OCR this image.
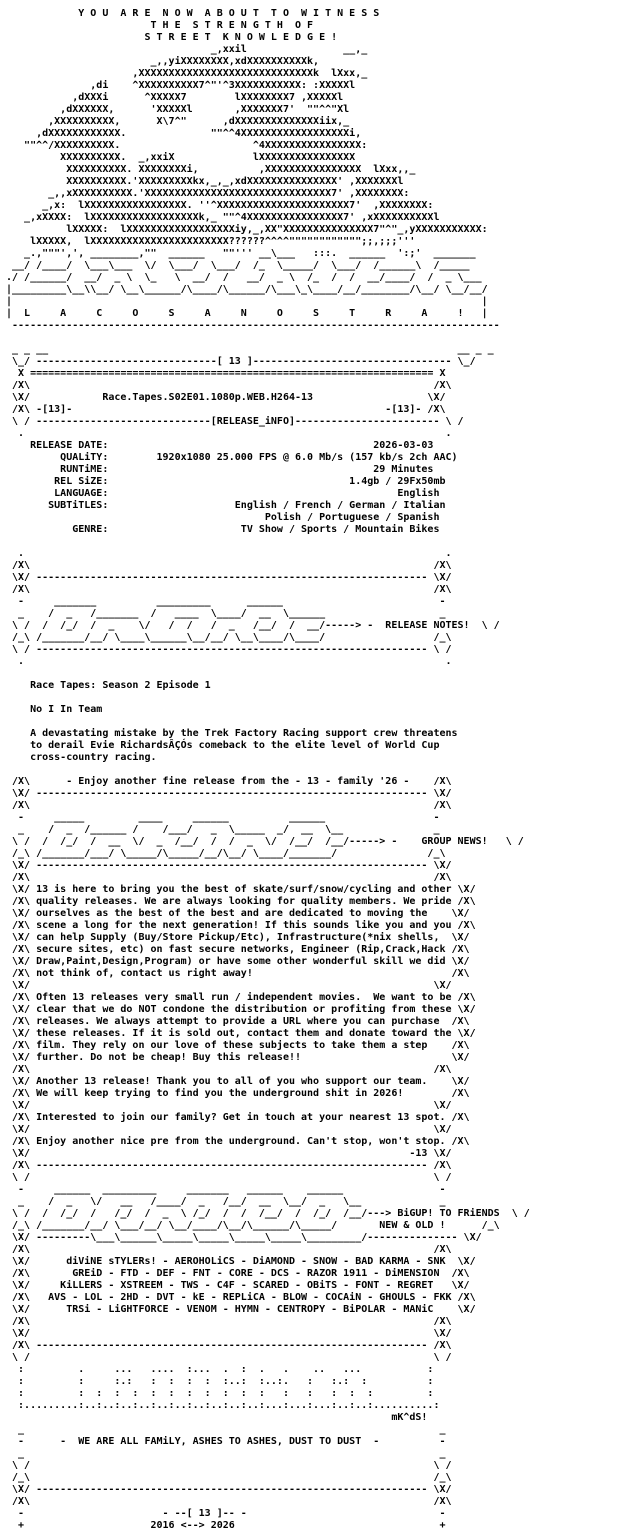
Y O U  A R E  N O W  A B O U T  T O  W I T N E S S
T H E  S T R E N G T H  O F
S T R E E T  K N O W L E D G E !
_,xxil                __,_
_,,yiXXXXXXXX,xdXXXXXXXXXXk,
,XXXXXXXXXXXXXXXXXXXXXXXXXXXXXk  lXxx,_
,di    ^XXXXXXXXXX7^"'^3XXXXXXXXXXX: :XXXXXl
,dXXXi      ^XXXXX7        lXXXXXXXX7 ,XXXXXl
,dXXXXXX,      'XXXXXl       ,XXXXXXX7'  ""^^"Xl
,XXXXXXXXXX,      X\7^"      ,dXXXXXXXXXXXXXXiix,_
,dXXXXXXXXXXXX.              ""^^4XXXXXXXXXXXXXXXXXXi,
""^^/XXXXXXXXXX.                      ^4XXXXXXXXXXXXXXXX:
XXXXXXXXXX.  _,xxiX             lXXXXXXXXXXXXXXXX
XXXXXXXXXX. XXXXXXXXi,          ,XXXXXXXXXXXXXXXX  lXxx,,_
XXXXXXXXXX.'XXXXXXXXXkx,_,_,xdXXXXXXXXXXXXXXX' ,XXXXXXXl
_,,xXXXXXXXXXX.'XXXXXXXXXXXXXXXXXXXXXXXXXXXXXXX7' ,XXXXXXXX:
_,x:  lXXXXXXXXXXXXXXXXX. ''^XXXXXXXXXXXXXXXXXXXXXX7'  ,XXXXXXXX:
_,xXXXX:  lXXXXXXXXXXXXXXXXXXk,_ ""^4XXXXXXXXXXXXXXXX7' ,xXXXXXXXXXXl
lXXXXX:  lXXXXXXXXXXXXXXXXXXiy,_,XX"XXXXXXXXXXXXXXX7"^"_,yXXXXXXXXXXX:
lXXXXX,  lXXXXXXXXXXXXXXXXXXXXXXX??????^^^^"""""""""""";;,;;;'''
_.,"""',', ________,""  ______   ""''' __\___   :::.  ______  ':;'  _______
__/ /____/  \___\___  \/  \___/  \___/  /_  \_____/  \___/  /______\  /_____
./ /______/  __/  _ \  \_   \  __/  /   __/  _ \  /_  /  /  __/____/  /  _ \___
|_________\__\\__/ \__\______/\____/\______/\___\_\____/__/________/\__/ \__/__/
|                                                                              |
|  L     A     C     O     S     A     N     O     S     T     R     A     !   |
---------------------------------------------------------------------------------

_ _ __                                                                    __ _ _
\_/ ------------------------------[ 13 ]--------------------------------- \_/
X =================================================================== X
/X\                                                                   /X\
\X/            Race.Tapes.S02E01.1080p.WEB.H264-13                   \X/
/X\ -[13]-                                                    -[13]- /X\
\ / -----------------------------[RELEASE_iNFO]------------------------ \ /
.                                                                      .
RELEASE DATE:                                            2026-03-03
QUALiTY:        1920x1080 25.000 FPS @ 6.0 Mb/s (157 kb/s 2ch AAC)
RUNTiME:                                            29 Minutes
REL SiZE:                                        1.4gb / 29Fx50mb
LANGUAGE:                                                English
SUBTiTLES:                     English / French / German / Italian
Polish / Portuguese / Spanish
GENRE:                      TV Show / Sports / Mountain Bikes

.                                                                      .
/X\                                                                   /X\
\X/ ----------------------------------------------------------------- \X/
/X\                                                                   /X\
-     _______          _________      ______                          -
_    /  _   /_______  /   ____  \____/  __  \______                   _
\ /  /  /_/  /  _    \/   /  /   /  _   /__/  /  __/-----> -  RELEASE NOTES!  \ /
/_\ /_______/__/ \____\______\__/__/ \__\____/\____/                  /_\
\ / ----------------------------------------------------------------- \ /
.                                                                      .

Race Tapes: Season 2 Episode 1

No I In Team

A devastating mistake by the Trek Factory Racing support crew threatens
to derail Evie RichardsÂÇÓs comeback to the elite level of World Cup
cross-country racing.

/X\      - Enjoy another fine release from the - 13 - family '26 -    /X\
\X/ ----------------------------------------------------------------- \X/
/X\                                                                   /X\
-     _____         ____     ______          ______                  -
_    /  _  /______ /    /___/   _  \_____  _/  __  \__               _
\ /  /  /_/  /  __  \/  _  /__/  /  /  _  \/  /__/  /__/-----> -    GROUP NEWS!   \ /
/_\ /_______/___/ \_____/\_____/__/\__/ \____/_______/               /_\
\X/ ----------------------------------------------------------------- \X/
/X\                                                                   /X\
\X/ 13 is here to bring you the best of skate/surf/snow/cycling and other \X/
/X\ quality releases. We are always looking for quality members. We pride /X\
\X/ ourselves as the best of the best and are dedicated to moving the    \X/
/X\ scene a long for the next generation! If this sounds like you and you /X\
\X/ can help Supply (Buy/Store Pickup/Etc), Infrastructure(*nix shells,  \X/
/X\ secure sites, etc) on fast secure networks, Engineer (Rip,Crack,Hack /X\
\X/ Draw,Paint,Design,Program) or have some other wonderful skill we did \X/
/X\ not think of, contact us right away!                                 /X\
\X/                                                                   \X/
/X\ Often 13 releases very small run / independent movies.  We want to be /X\
\X/ clear that we do NOT condone the distribution or profiting from these \X/
/X\ releases. We always attempt to provide a URL where you can purchase  /X\
\X/ these releases. If it is sold out, contact them and donate toward the \X/
/X\ film. They rely on our love of these subjects to take them a step    /X\
\X/ further. Do not be cheap! Buy this release!!                         \X/
/X\                                                                   /X\
\X/ Another 13 release! Thank you to all of you who support our team.    \X/
/X\ We will keep trying to find you the underground shit in 2026!        /X\
\X/                                                                   \X/
/X\ Interested to join our family? Get in touch at your nearest 13 spot. /X\
\X/                                                                   \X/
/X\ Enjoy another nice pre from the underground. Can't stop, won't stop. /X\
\X/                                                               -13 \X/
/X\ ----------------------------------------------------------------- /X\
\ /                                                                   \ /
-     ______  _________     _______   ______    ______                -
_    /  _   \/   __   /____/  _   /__/  __  \__/  _   \__             _
\ /  /  /_/  /   /_/  /  _  \ /_/  /  /  /__/  /  /_/  /__/---> BiGUP! TO FRiENDS  \ /
/_\ /_______/__/ \___/__/ \__/____/\__/\______/\_____/       NEW & OLD !      /_\
\X/ ---------\___\______\_____\_____\_____\_____\_________/--------------- \X/
/X\                                                                   /X\
\X/      diViNE sTYLERs! - AEROHOLiCS - DiAMOND - SNOW - BAD KARMA - SNK  \X/
/X\       GREiD - FTD - DEF - FNT - CORE - DCS - RAZOR 1911 - DiMENSION  /X\
\X/     KiLLERS - XSTREEM - TWS - C4F - SCARED - OBiTS - FONT - REGRET   \X/
/X\   AVS - LOL - 2HD - DVT - kE - REPLiCA - BLOW - COCAiN - GHOULS - FKK /X\
\X/      TRSi - LiGHTFORCE - VENOM - HYMN - CENTROPY - BiPOLAR - MANiC    \X/
/X\                                                                   /X\
\X/                                                                   \X/
/X\ ----------------------------------------------------------------- /X\
\ /                                                                   \ /
:         .     ...   ....  :...  .  :  .   .    ..   ...           :
:         :     :.:   :  :  :  :  :..:  :..:.   :   :.:  :          :
:         :  :  :  :  :  :  :  :  :  :  :   :   :   :  :  :         :
:.........:..:..:..:..:..:..:..:..:..:..:...:...:...:..:..:..........:
mK^dS!
_                                                                     _
-      -  WE ARE ALL FAMiLY, ASHES TO ASHES, DUST TO DUST  -          -
_                                                                     _
\ /                                                                   \ /
/_\                                                                   /_\
\X/ ----------------------------------------------------------------- \X/
/X\                                                                   /X\
-                       - --[ 13 ]-- -                                -
+                     2016 <--> 2026                                  +
